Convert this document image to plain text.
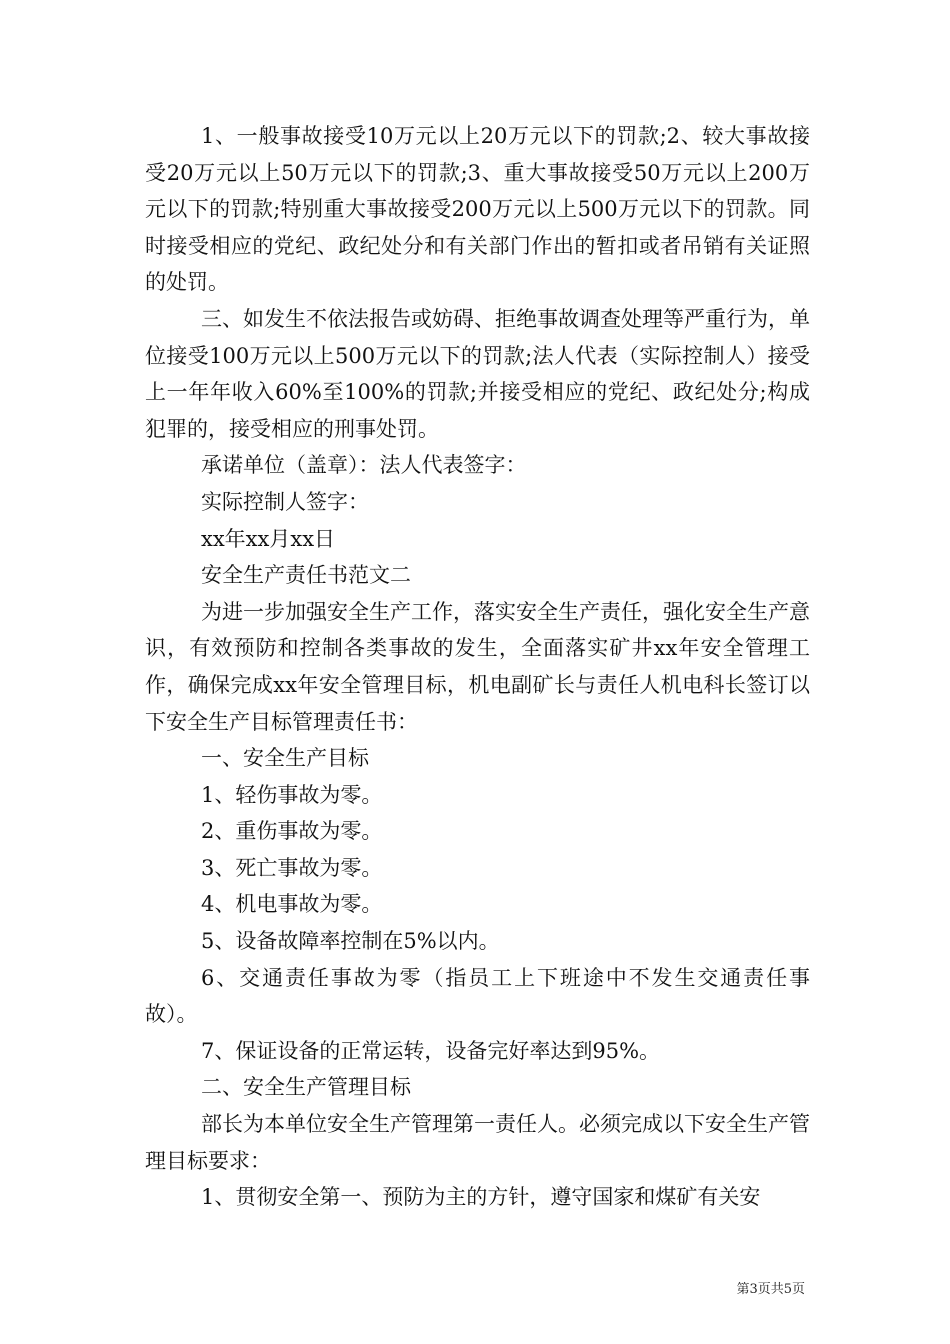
1、一般事故接受10万元以上20万元以下的罚款;2、较大事故接受20万元以上50万元以下的罚款;3、重大事故接受50万元以上200万元以下的罚款;特别重大事故接受200万元以上500万元以下的罚款。同时接受相应的党纪、政纪处分和有关部门作出的暂扣或者吊销有关证照的处罚。

三、如发生不依法报告或妨碍、拒绝事故调查处理等严重行为，单位接受100万元以上500万元以下的罚款;法人代表（实际控制人）接受上一年年收入60%至100%的罚款;并接受相应的党纪、政纪处分;构成犯罪的，接受相应的刑事处罚。

承诺单位（盖章）：法人代表签字：

实际控制人签字：

xx年xx月xx日

安全生产责任书范文二

为进一步加强安全生产工作，落实安全生产责任，强化安全生产意识，有效预防和控制各类事故的发生，全面落实矿井xx年安全管理工作，确保完成xx年安全管理目标，机电副矿长与责任人机电科长签订以下安全生产目标管理责任书：

一、安全生产目标

1、轻伤事故为零。

2、重伤事故为零。

3、死亡事故为零。

4、机电事故为零。

5、设备故障率控制在5%以内。

6、交通责任事故为零（指员工上下班途中不发生交通责任事故）。

7、保证设备的正常运转，设备完好率达到95%。

二、安全生产管理目标

部长为本单位安全生产管理第一责任人。必须完成以下安全生产管理目标要求：

1、贯彻安全第一、预防为主的方针，遵守国家和煤矿有关安

第3页共5页
